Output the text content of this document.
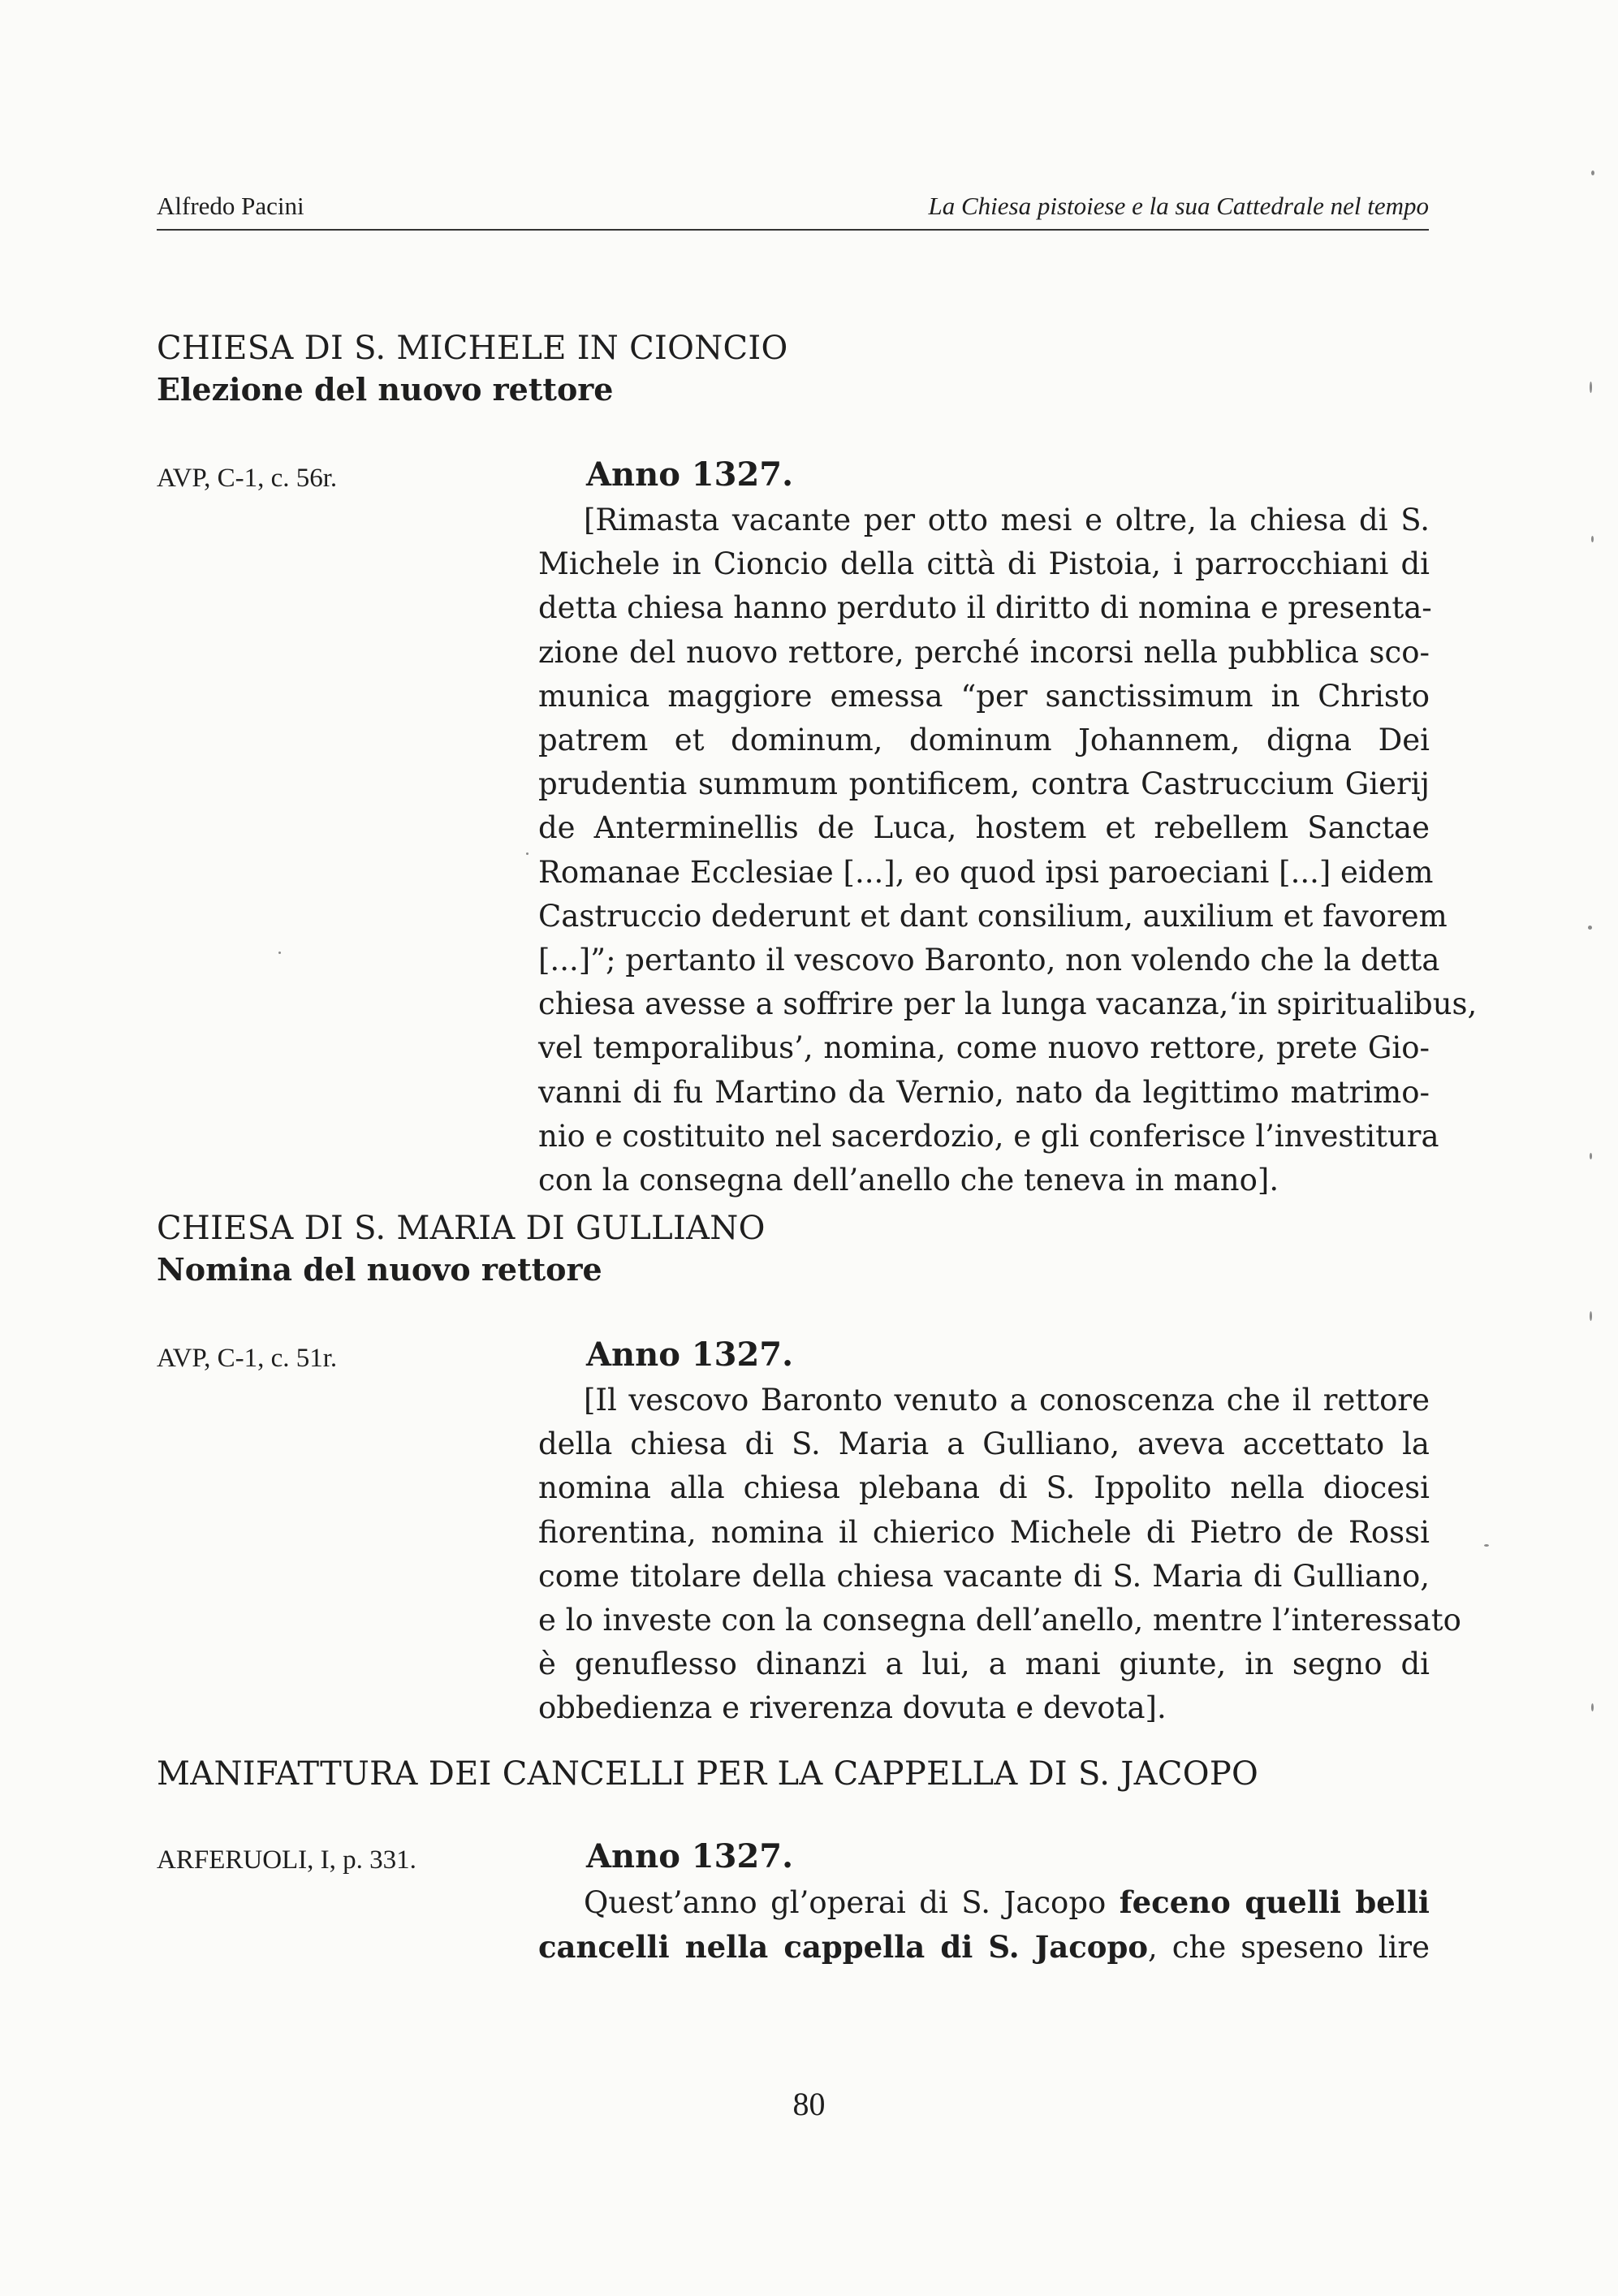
Alfredo Pacini	La Chiesa pistoiese e la sua Cattedrale nel tempo
CHIESA DI S. MICHELE IN CIONCIO
Elezione del nuovo rettore
AVP, C-1, c. 56r.	Anno 1327.
[Rimasta vacante per otto mesi e oltre, la chiesa di S.
Michele in Cioncio della città di Pistoia, i parrocchiani di
detta chiesa hanno perduto il diritto di nomina e presenta-
zione del nuovo rettore, perché incorsi nella pubblica sco-
munica maggiore emessa “per sanctissimum in Christo
patrem et dominum, dominum Johannem, digna Dei
prudentia summum pontificem, contra Castruccium Gierij
de Anterminellis de Luca, hostem et rebellem Sanctae
Romanae Ecclesiae [...], eo quod ipsi paroeciani [...] eidem
Castruccio dederunt et dant consilium, auxilium et favorem
[...]”; pertanto il vescovo Baronto, non volendo che la detta
chiesa avesse a soffrire per la lunga vacanza,‘in spiritualibus,
vel temporalibus’, nomina, come nuovo rettore, prete Gio-
vanni di fu Martino da Vernio, nato da legittimo matrimo-
nio e costituito nel sacerdozio, e gli conferisce l’investitura
con la consegna dell’anello che teneva in mano].
CHIESA DI S. MARIA DI GULLIANO
Nomina del nuovo rettore
AVP, C-1, c. 51r.	Anno 1327.
[Il vescovo Baronto venuto a conoscenza che il rettore
della chiesa di S. Maria a Gulliano, aveva accettato la
nomina alla chiesa plebana di S. Ippolito nella diocesi
fiorentina, nomina il chierico Michele di Pietro de Rossi
come titolare della chiesa vacante di S. Maria di Gulliano,
e lo investe con la consegna dell’anello, mentre l’interessato
è genuflesso dinanzi a lui, a mani giunte, in segno di
obbedienza e riverenza dovuta e devota].
MANIFATTURA DEI CANCELLI PER LA CAPPELLA DI S. JACOPO
ARFERUOLI, I, p. 331.	Anno 1327.
Quest’anno gl’operai di S. Jacopo feceno quelli belli
cancelli nella cappella di S. Jacopo, che speseno lire
80
